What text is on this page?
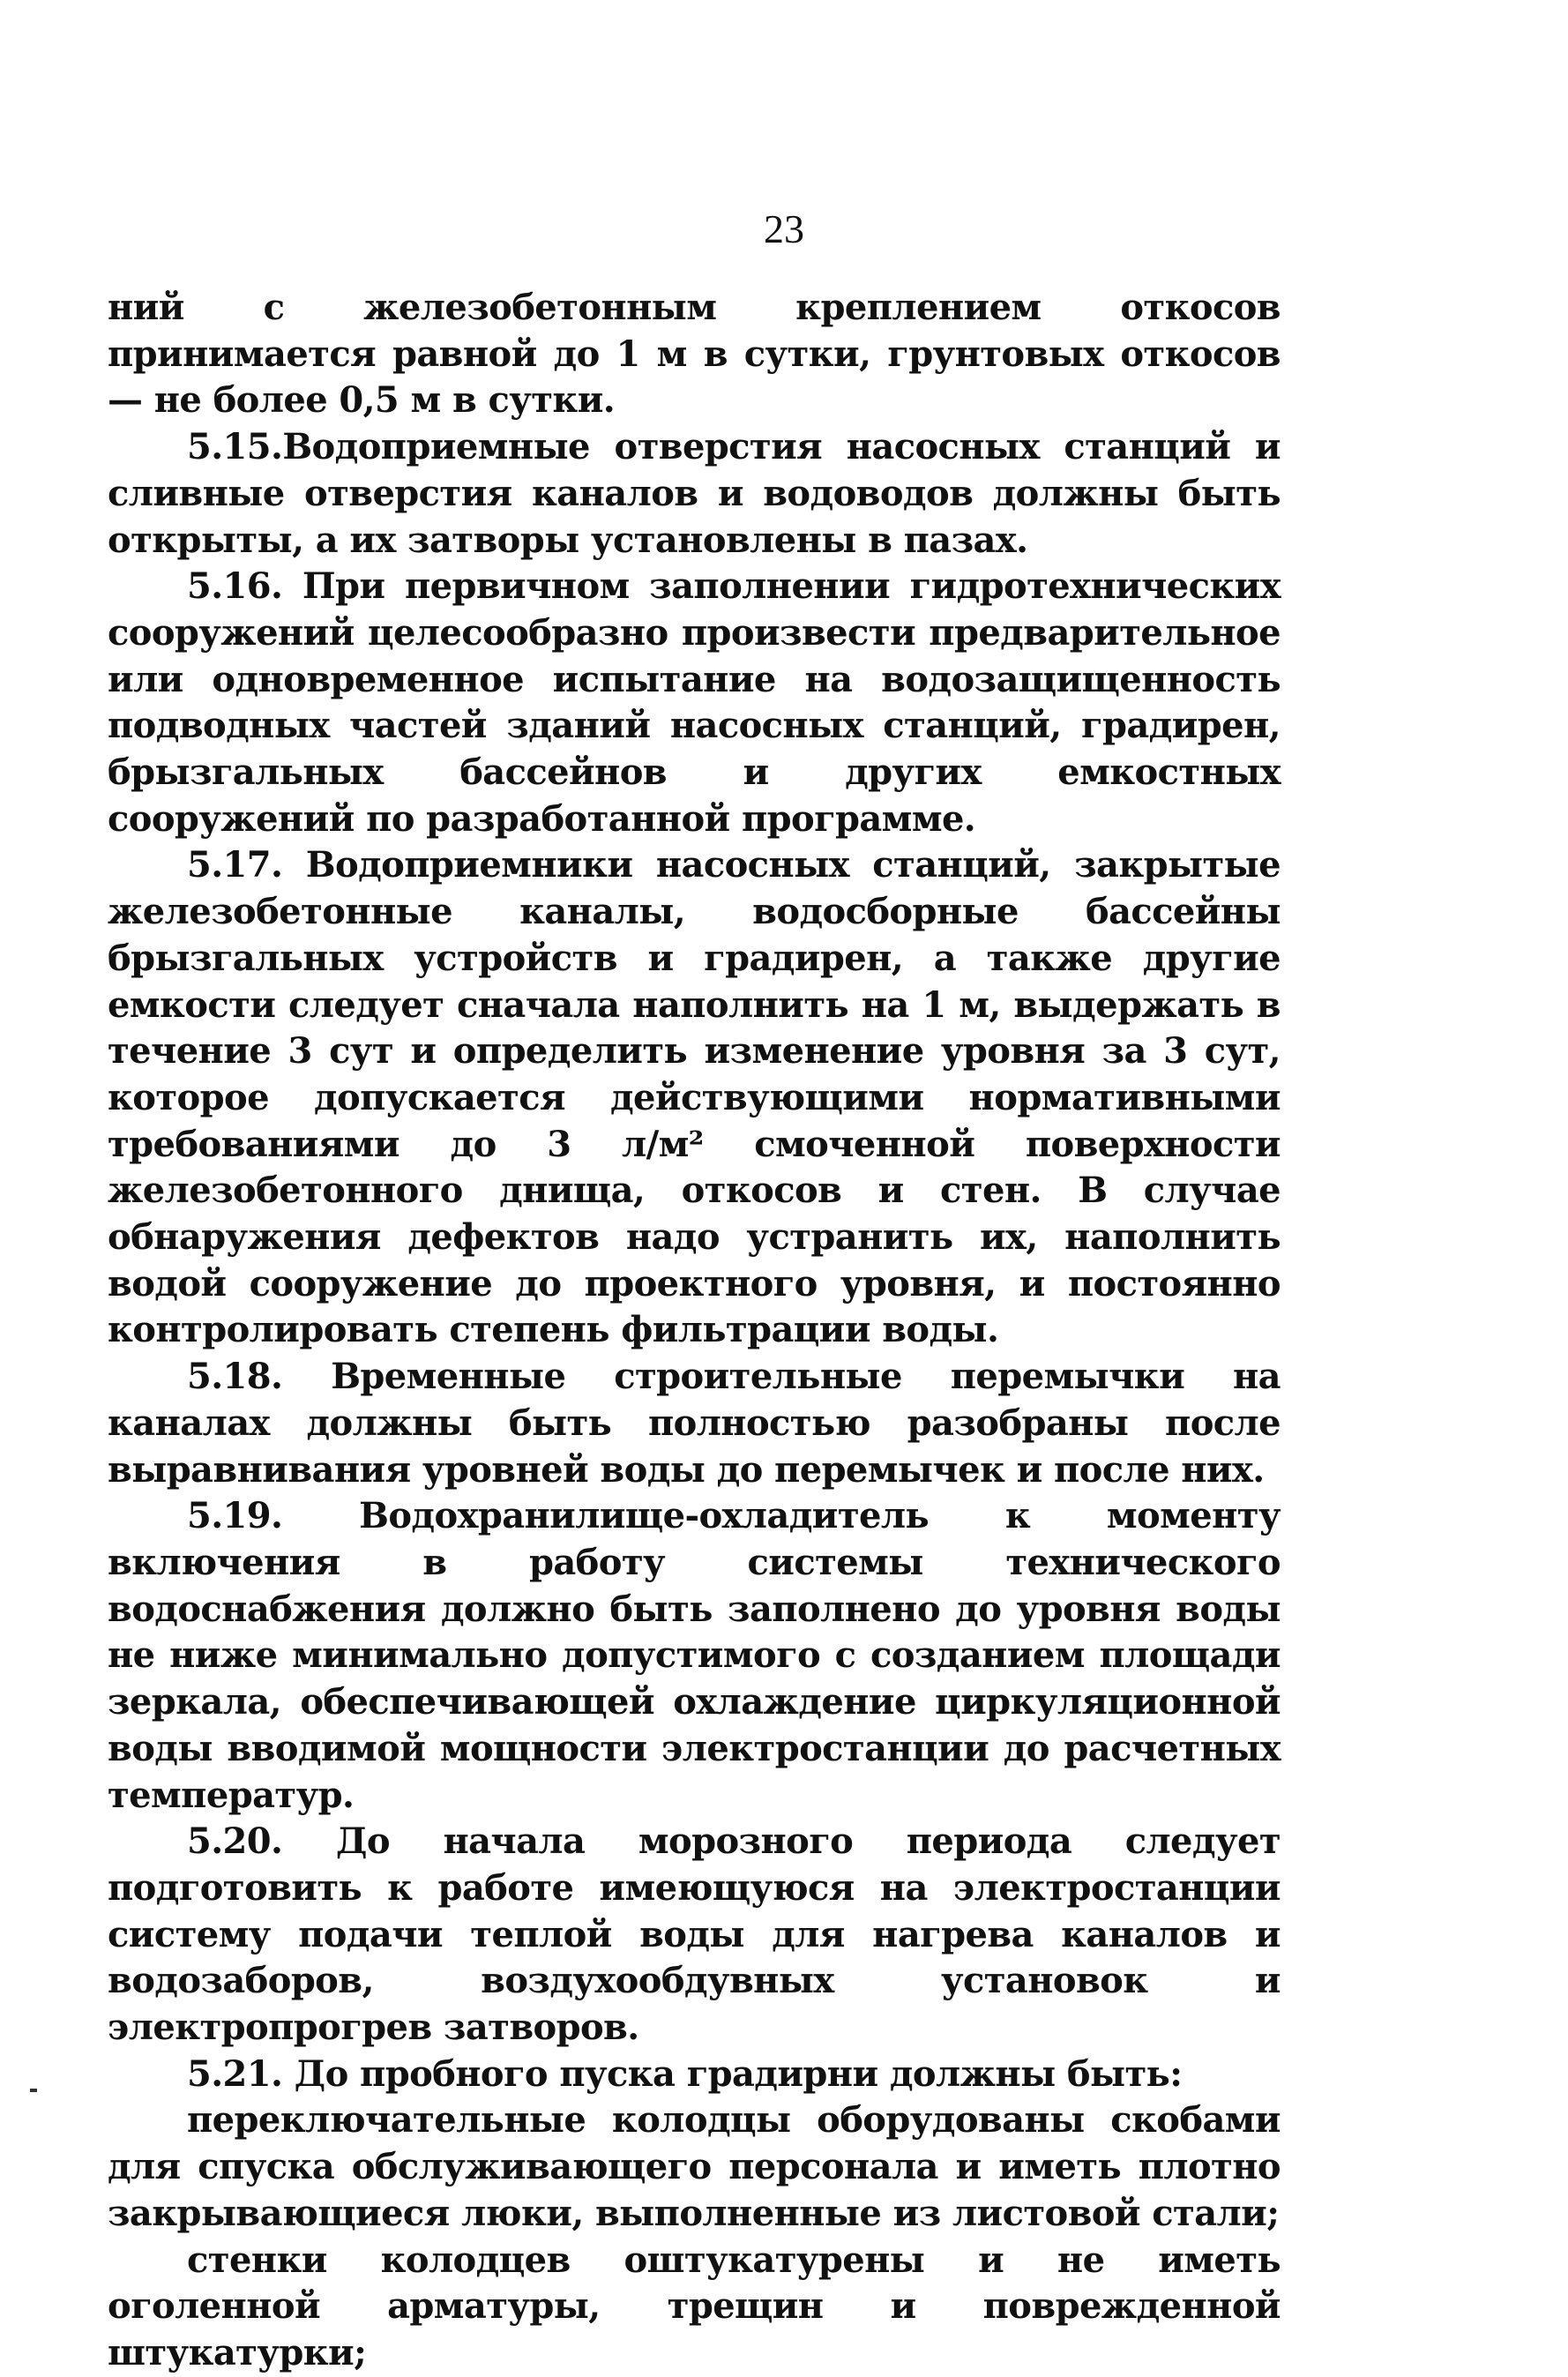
23

ний с железобетонным креплением откосов принимается равной до 1 м в сутки, грунтовых откосов — не более 0,5 м в сутки.

5.15.Водоприемные отверстия насосных станций и сливные отверстия каналов и водоводов должны быть открыты, а их затворы установлены в пазах.

5.16. При первичном заполнении гидротехнических сооружений целесообразно произвести предварительное или одновременное испытание на водозащищенность подводных частей зданий насосных станций, градирен, брызгальных бассейнов и других емкостных сооружений по разработанной программе.

5.17. Водоприемники насосных станций, закрытые железобетонные каналы, водосборные бассейны брызгальных устройств и градирен, а также другие емкости следует сначала наполнить на 1 м, выдержать в течение 3 сут и определить изменение уровня за 3 сут, которое допускается действующими нормативными требованиями до 3 л/м² смоченной поверхности железобетонного днища, откосов и стен. В случае обнаружения дефектов надо устранить их, наполнить водой сооружение до проектного уровня, и постоянно контролировать степень фильтрации воды.

5.18. Временные строительные перемычки на каналах должны быть полностью разобраны после выравнивания уровней воды до перемычек и после них.

5.19. Водохранилище-охладитель к моменту включения в работу системы технического водоснабжения должно быть заполнено до уровня воды не ниже минимально допустимого с созданием площади зеркала, обеспечивающей охлаждение циркуляционной воды вводимой мощности электростанции до расчетных температур.

5.20. До начала морозного периода следует подготовить к работе имеющуюся на электростанции систему подачи теплой воды для нагрева каналов и водозаборов, воздухообдувных установок и электропрогрев затворов.

5.21. До пробного пуска градирни должны быть:

переключательные колодцы оборудованы скобами для спуска обслуживающего персонала и иметь плотно закрывающиеся люки, выполненные из листовой стали;

стенки колодцев оштукатурены и не иметь оголенной арматуры, трещин и поврежденной штукатурки;
